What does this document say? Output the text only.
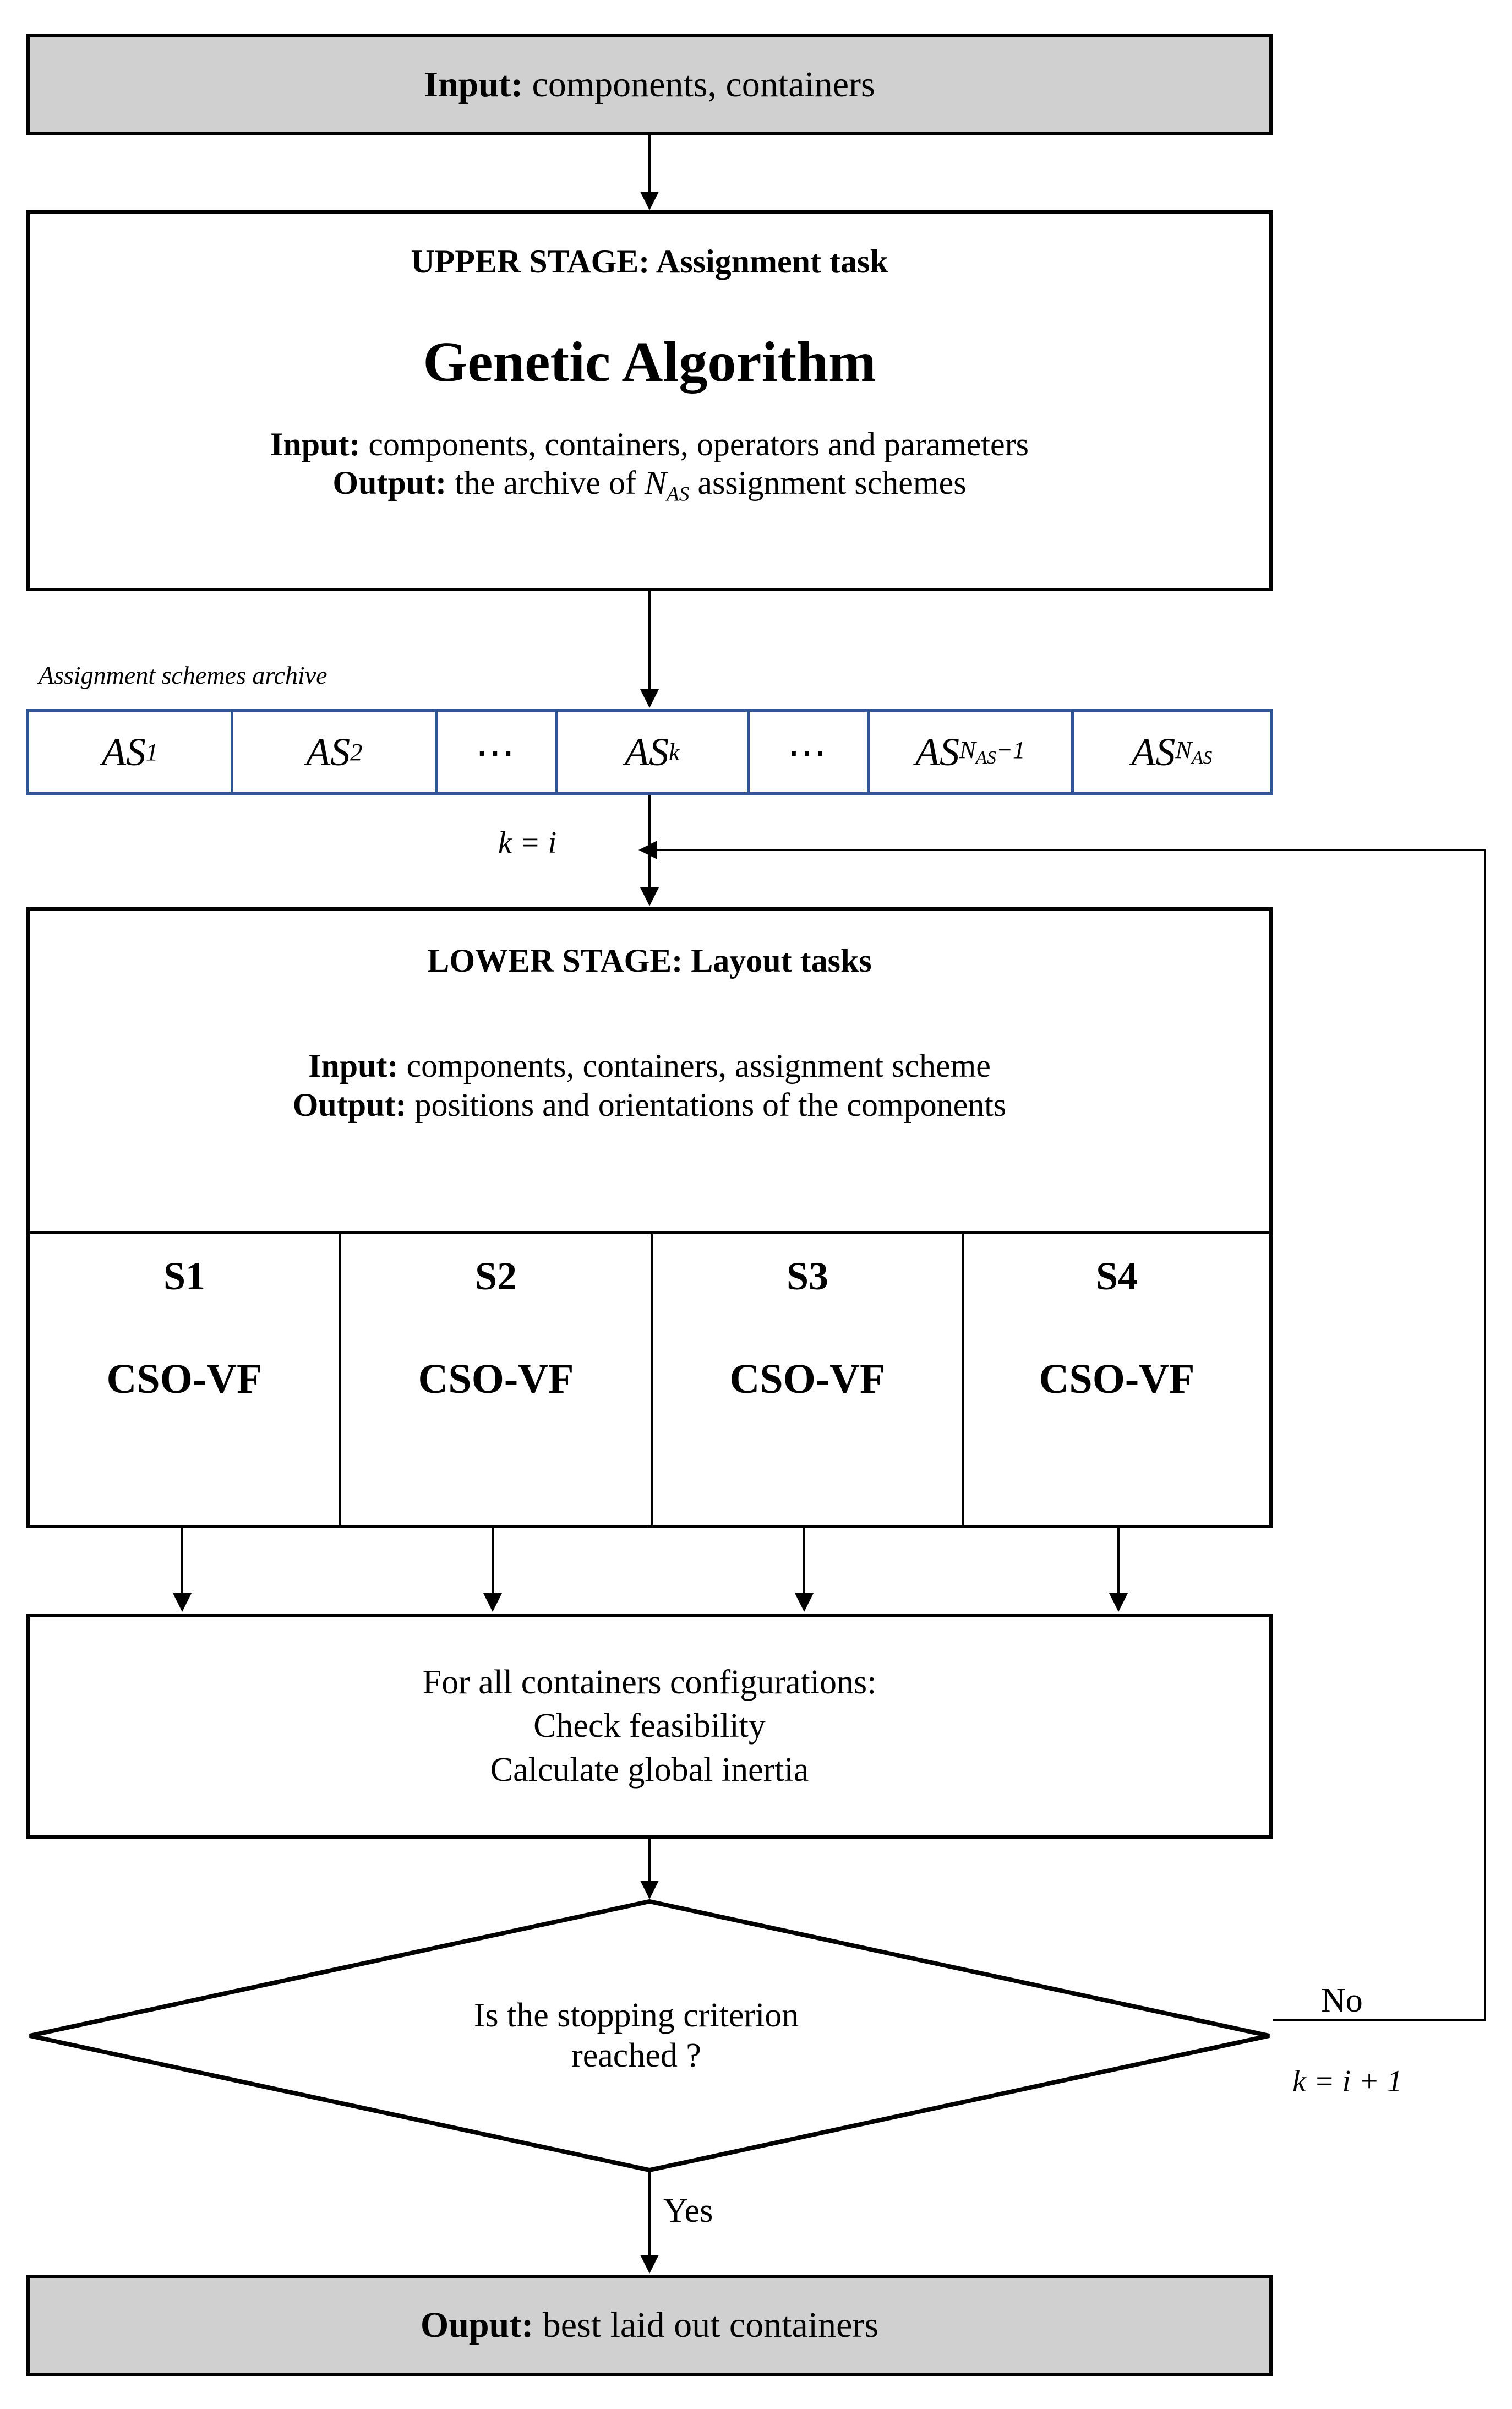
Input: components, containers
UPPER STAGE: Assignment task
Genetic Algorithm
Input: components, containers, operators and parameters
Output: the archive of $N_{AS}$ assignment schemes
Assignment schemes archive
AS 1	AS 2	⋯	AS k	⋯	AS $N_{AS}-1$	AS $N_{AS}$
k = i
LOWER STAGE: Layout tasks
Input: components, containers, assignment scheme
Output: positions and orientations of the components
S1
CSO-VF
S2
CSO-VF
S3
CSO-VF
S4
CSO-VF
For all containers configurations:
Check feasibility
Calculate global inertia
Is the stopping criterion
reached ?
No
k = i + 1
Yes
Ouput: best laid out containers
